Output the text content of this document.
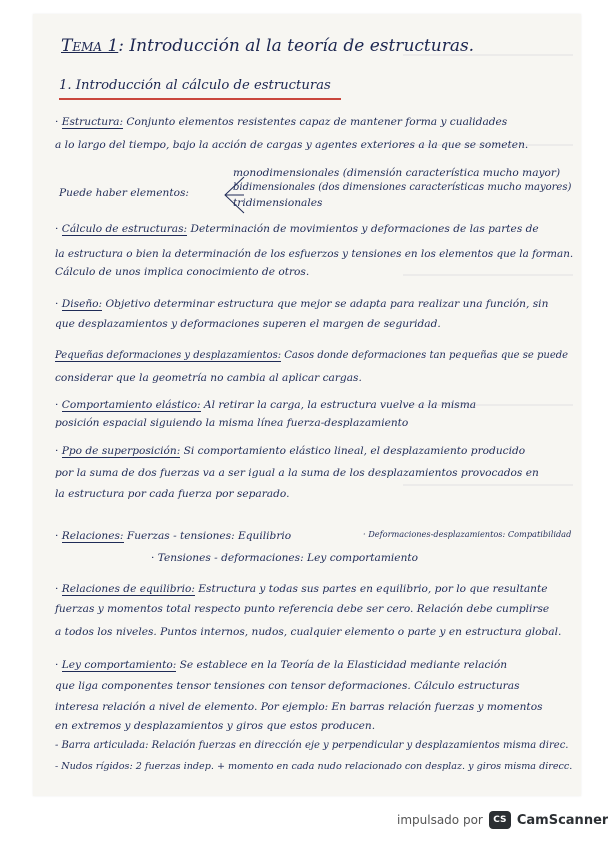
Tema 1: Introducción al la teoría de estructuras.
1. Introducción al cálculo de estructuras
· Estructura: Conjunto elementos resistentes capaz de mantener forma y cualidades
a lo largo del tiempo, bajo la acción de cargas y agentes exteriores a la que se someten.
monodimensionales (dimensión característica mucho mayor)
Puede haber elementos:	bidimensionales (dos dimensiones características mucho mayores)
tridimensionales
· Cálculo de estructuras: Determinación de movimientos y deformaciones de las partes de
la estructura o bien la determinación de los esfuerzos y tensiones en los elementos que la forman.
Cálculo de unos implica conocimiento de otros.
· Diseño: Objetivo determinar estructura que mejor se adapta para realizar una función, sin
que desplazamientos y deformaciones superen el margen de seguridad.
Pequeñas deformaciones y desplazamientos: Casos donde deformaciones tan pequeñas que se puede
considerar que la geometría no cambia al aplicar cargas.
· Comportamiento elástico: Al retirar la carga, la estructura vuelve a la misma
posición espacial siguiendo la misma línea fuerza-desplazamiento
· Ppo de superposición: Si comportamiento elástico lineal, el desplazamiento producido
por la suma de dos fuerzas va a ser igual a la suma de los desplazamientos provocados en
la estructura por cada fuerza por separado.
· Relaciones: Fuerzas - tensiones: Equilibrio	· Deformaciones-desplazamientos: Compatibilidad
· Tensiones - deformaciones: Ley comportamiento
· Relaciones de equilibrio: Estructura y todas sus partes en equilibrio, por lo que resultante
fuerzas y momentos total respecto punto referencia debe ser cero. Relación debe cumplirse
a todos los niveles. Puntos internos, nudos, cualquier elemento o parte y en estructura global.
· Ley comportamiento: Se establece en la Teoría de la Elasticidad mediante relación
que liga componentes tensor tensiones con tensor deformaciones. Cálculo estructuras
interesa relación a nivel de elemento. Por ejemplo: En barras relación fuerzas y momentos
en extremos y desplazamientos y giros que estos producen.
- Barra articulada: Relación fuerzas en dirección eje y perpendicular y desplazamientos misma direc.
- Nudos rígidos: 2 fuerzas indep. + momento en cada nudo relacionado con desplaz. y giros misma direcc.
impulsado por	CS CamScanner
